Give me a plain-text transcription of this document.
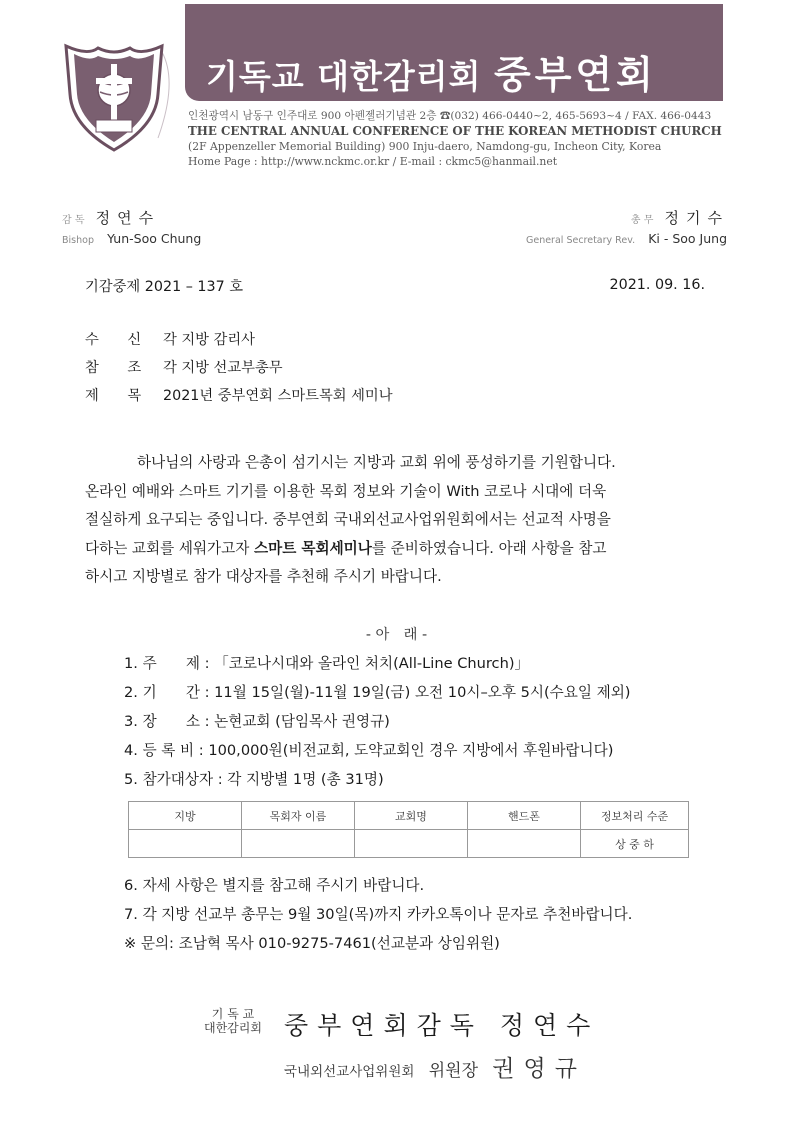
기독교 대한감리회 중부연회
인천광역시 남동구 인주대로 900 아펜젤러기념관 2층 ☎(032) 466-0440~2, 465-5693~4 / FAX. 466-0443
THE CENTRAL ANNUAL CONFERENCE OF THE KOREAN METHODIST CHURCH
(2F Appenzeller Memorial Building) 900 Inju-daero, Namdong-gu, Incheon City, Korea
Home Page : http://www.nckmc.or.kr / E-mail : ckmc5@hanmail.net
감 독 정연수
Bishop Yun-Soo Chung
총 무 정기수
General Secretary Rev. Ki - Soo Jung
기감중제 2021 – 137 호	2021. 09. 16.
수　　신 각 지방 감리사
참　　조 각 지방 선교부총무
제　　목 2021년 중부연회 스마트목회 세미나

하나님의 사랑과 은총이 섬기시는 지방과 교회 위에 풍성하기를 기원합니다.

온라인 예배와 스마트 기기를 이용한 목회 정보와 기술이 With 코로나 시대에 더욱

절실하게 요구되는 중입니다. 중부연회 국내외선교사업위원회에서는 선교적 사명을

다하는 교회를 세워가고자 스마트 목회세미나를 준비하였습니다. 아래 사항을 참고

하시고 지방별로 참가 대상자를 추천해 주시기 바랍니다.

- 아　래 -
1. 주　　제 : 「코로나시대와 올라인 처치(All-Line Church)」
2. 기　　간 : 11월 15일(월)-11월 19일(금) 오전 10시–오후 5시(수요일 제외)
3. 장　　소 : 논현교회 (담임목사 권영규)
4. 등 록 비 : 100,000원(비전교회, 도약교회인 경우 지방에서 후원바랍니다)
5. 참가대상자 : 각 지방별 1명 (총 31명)
지방	목회자 이름	교회명	핸드폰	정보처리 수준
				상 중 하
6. 자세 사항은 별지를 참고해 주시기 바랍니다.
7. 각 지방 선교부 총무는 9월 30일(목)까지 카카오톡이나 문자로 추천바랍니다.
※ 문의: 조남혁 목사 010-9275-7461(선교분과 상임위원)
기 독 교
대한감리회 중부연회감독 정연수
국내외선교사업위원회 위원장 권영규
